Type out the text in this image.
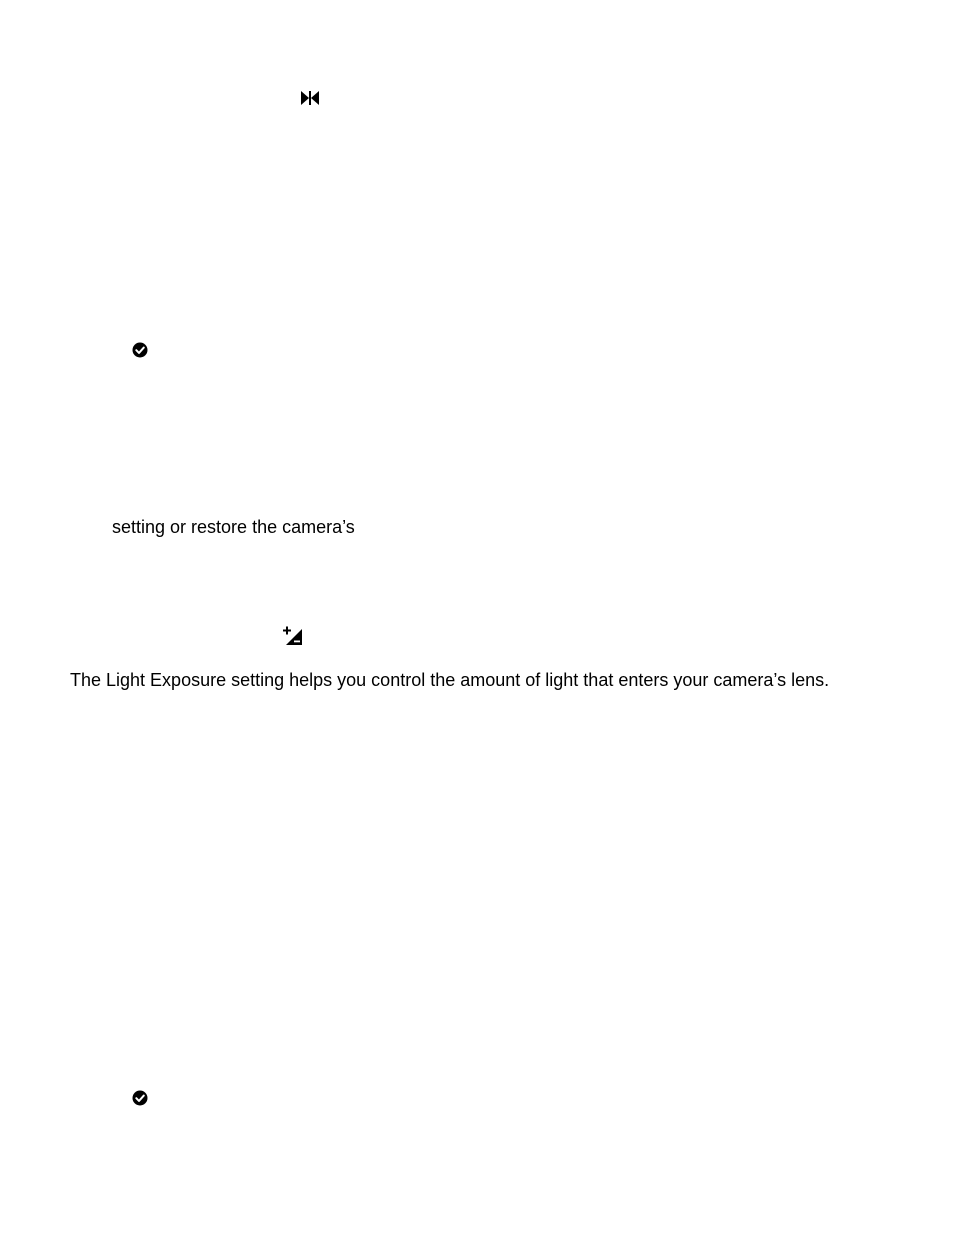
setting or restore the camera’s
The Light Exposure setting helps you control the amount of light that enters your camera’s lens.
